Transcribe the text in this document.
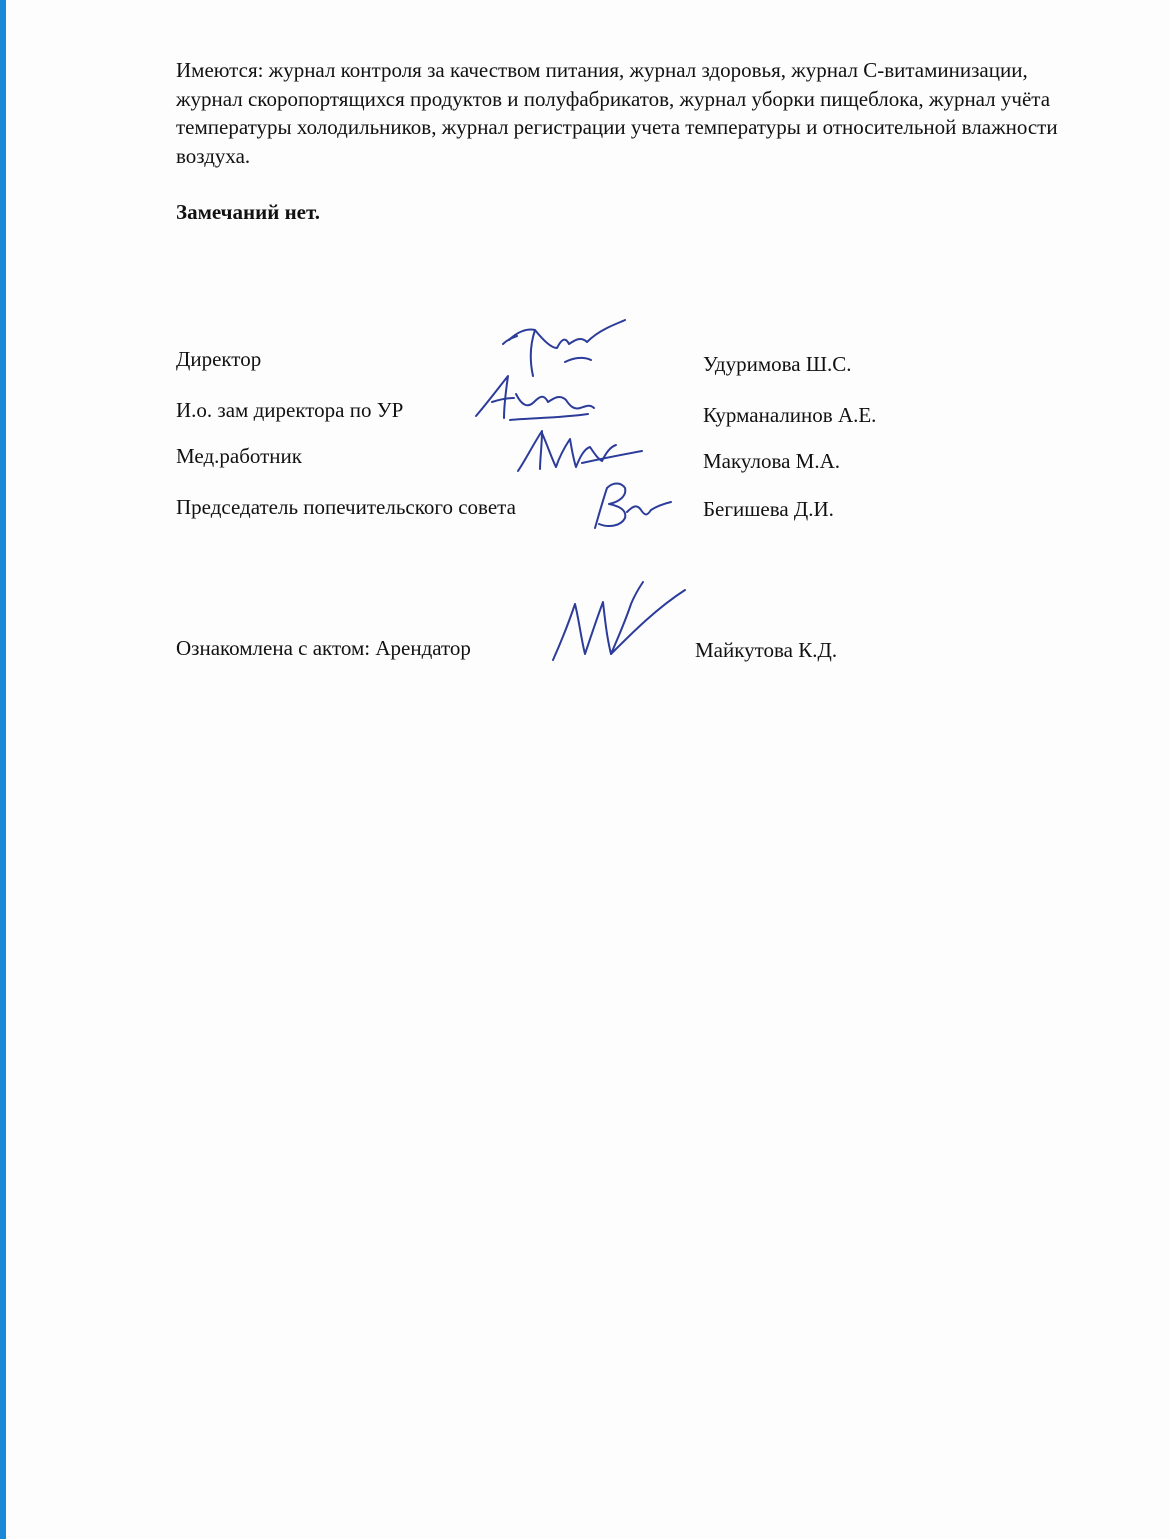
Имеются: журнал контроля за качеством питания, журнал здоровья, журнал С-витаминизации, журнал скоропортящихся продуктов и полуфабрикатов, журнал уборки пищеблока, журнал учёта температуры холодильников, журнал регистрации учета температуры и относительной влажности воздуха.

Замечаний нет.

Директор	Удуримова Ш.С.
И.о. зам директора по УР	Курманалинов А.Е.
Мед.работник	Макулова М.А.
Председатель попечительского совета	Бегишева Д.И.
Ознакомлена с актом: Арендатор	Майкутова К.Д.
